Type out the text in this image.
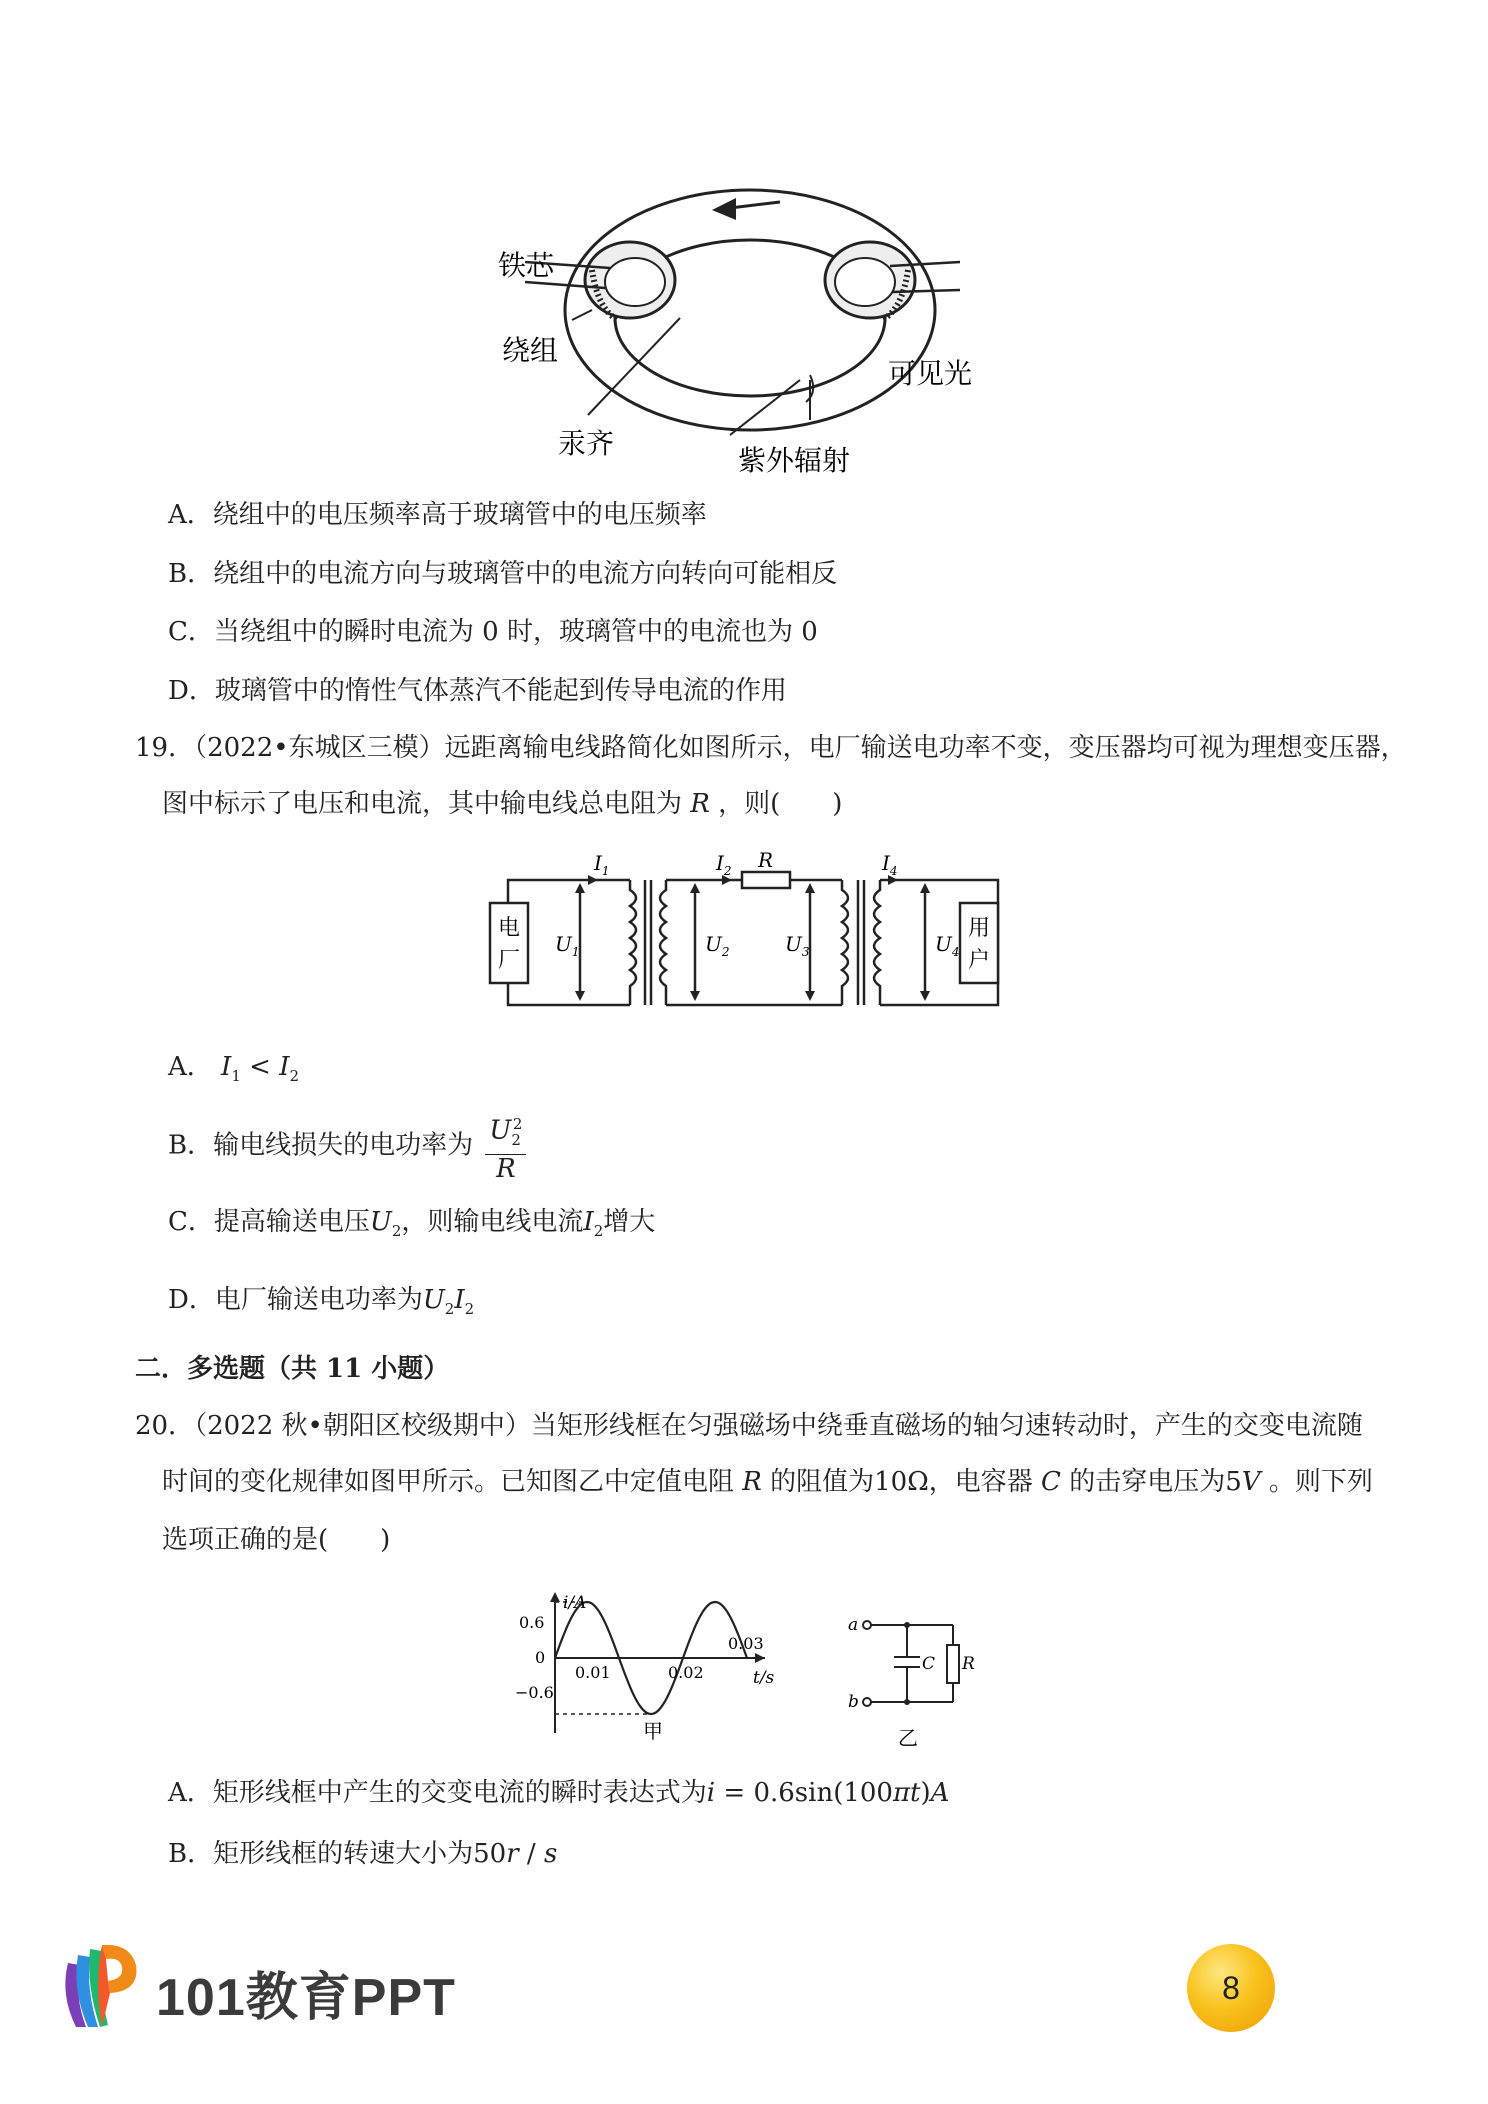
铁芯
绕组
汞齐
紫外辐射
可见光
A．绕组中的电压频率高于玻璃管中的电压频率
B．绕组中的电流方向与玻璃管中的电流方向转向可能相反
C．当绕组中的瞬时电流为 0 时，玻璃管中的电流也为 0
D．玻璃管中的惰性气体蒸汽不能起到传导电流的作用
19．（2022•东城区三模）远距离输电线路简化如图所示，电厂输送电功率不变，变压器均可视为理想变压器，
图中标示了电压和电流，其中输电线总电阻为 R ，则(　　)
电
厂
用
户
R
$I_1$	$I_2$	$I_4$
$U_1$	$U_2$	$U_3$	$U_4$
A． $I_1 < I_2$
B．输电线损失的电功率为 $\frac{U_2^2}{R}$
C．提高输送电压$U_2$，则输电线电流$I_2$增大
D．电厂输送电功率为$U_2I_2$
二．多选题（共 11 小题）
20．（2022 秋•朝阳区校级期中）当矩形线框在匀强磁场中绕垂直磁场的轴匀速转动时，产生的交变电流随
时间的变化规律如图甲所示。已知图乙中定值电阻 R 的阻值为10Ω，电容器 C 的击穿电压为5V 。则下列
选项正确的是(　　)
i/A
t/s
0.6
0
−0.6
0.01	0.02
0.03
甲
a
b
C R
乙
A．矩形线框中产生的交变电流的瞬时表达式为i = 0.6sin(100πt)A
B．矩形线框的转速大小为50r / s
101教育PPT	8
